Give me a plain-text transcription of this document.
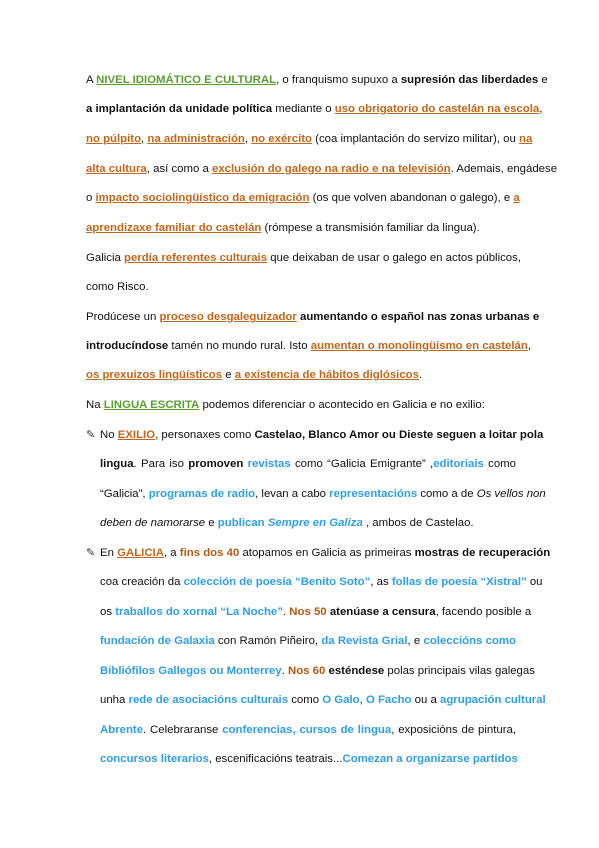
A NIVEL IDIOMÁTICO E CULTURAL, o franquismo supuxo a supresión das liberdades e
a implantación da unidade política mediante o uso obrigatorio do castelán na escola,
no púlpito, na administración, no exército (coa implantación do servizo militar), ou na
alta cultura, así como a exclusión do galego na radio e na televisión. Ademais, engádese
o impacto sociolingüístico da emigración (os que volven abandonan o galego), e a
aprendizaxe familiar do castelán (rómpese a transmisión familiar da lingua).
Galicia perdía referentes culturais que deixaban de usar o galego en actos públicos,
como Risco.
Prodúcese un proceso desgaleguizador aumentando o español nas zonas urbanas e
introducíndose tamén no mundo rural. Isto aumentan o monolingüismo en castelán,
os prexuizos lingüísticos e a existencia de hábitos diglósicos.
Na LINGUA ESCRITA podemos diferenciar o acontecido en Galicia e no exilio:
✎ No EXILIO, personaxes como Castelao, Blanco Amor ou Dieste seguen a loitar pola
lingua. Para iso promoven revistas como “Galicia Emigrante” ,editoriais como
“Galicia”, programas de radio, levan a cabo representacións como a de Os vellos non
deben de namorarse e publican Sempre en Galiza , ambos de Castelao.
✎ En GALICIA, a fins dos 40 atopamos en Galicia as primeiras mostras de recuperación
coa creación da colección de poesía “Benito Soto”, as follas de poesía “Xistral” ou
os traballos do xornal “La Noche”. Nos 50 atenúase a censura, facendo posible a
fundación de Galaxia con Ramón Piñeiro, da Revista Grial, e coleccións como
Bibliófilos Gallegos ou Monterrey. Nos 60 esténdese polas principais vilas galegas
unha rede de asociacións culturais como O Galo, O Facho ou a agrupación cultural
Abrente. Celebraranse conferencias, cursos de lingua, exposicións de pintura,
concursos literarios, escenificacións teatrais...Comezan a organizarse partidos
